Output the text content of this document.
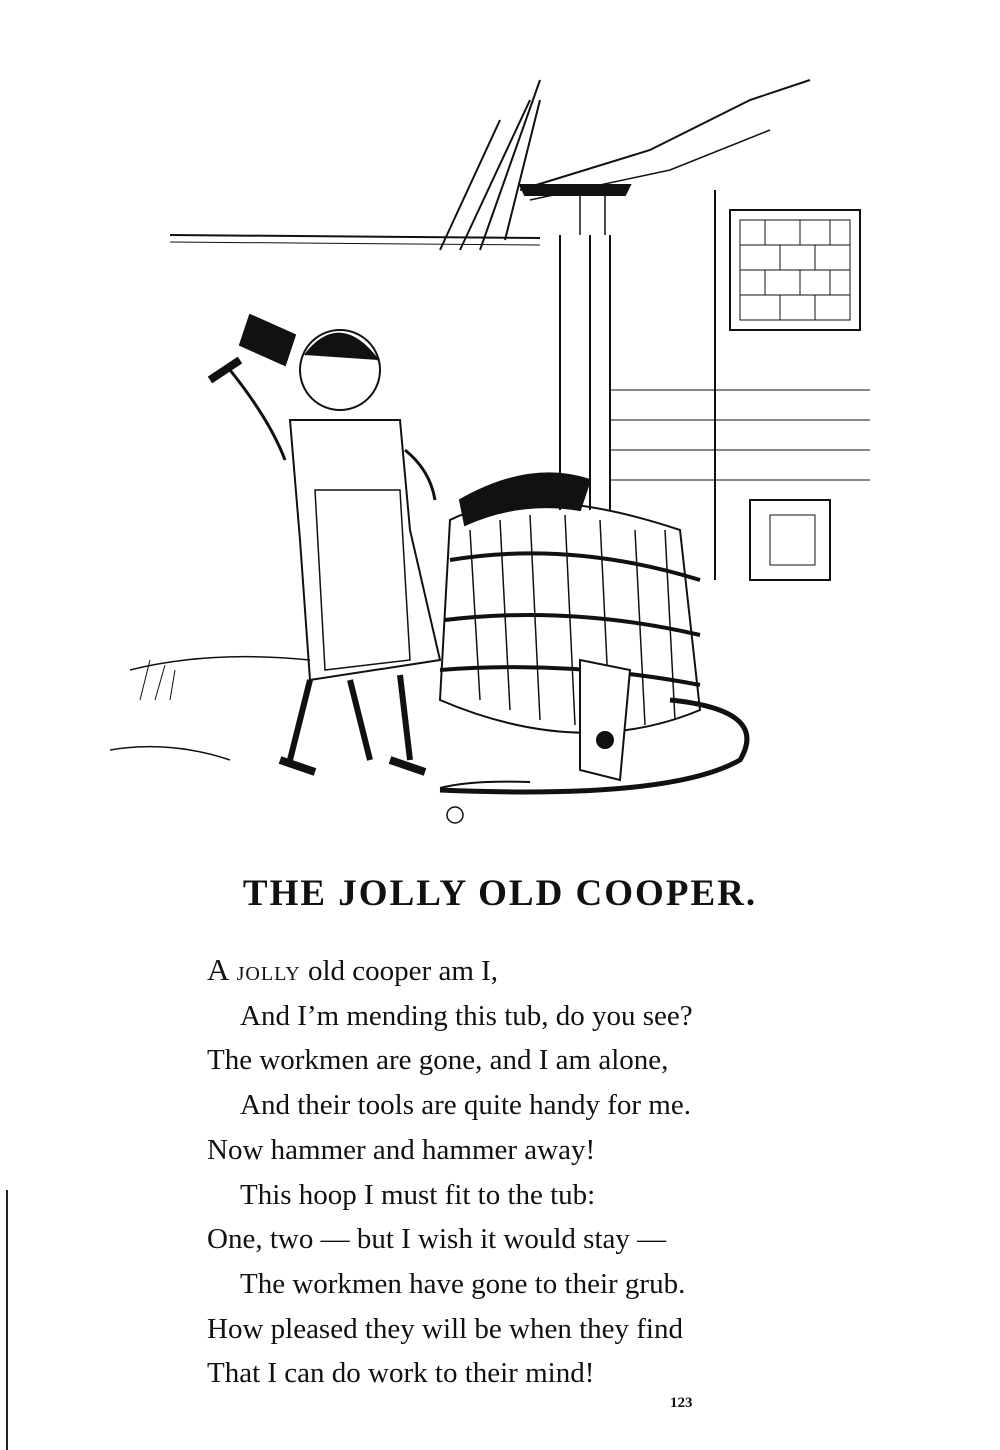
THE JOLLY OLD COOPER.
A jolly old cooper am I,
And I’m mending this tub, do you see?
The workmen are gone, and I am alone,
And their tools are quite handy for me.
Now hammer and hammer away!
This hoop I must fit to the tub:
One, two — but I wish it would stay —
The workmen have gone to their grub.
How pleased they will be when they find
That I can do work to their mind!
123
